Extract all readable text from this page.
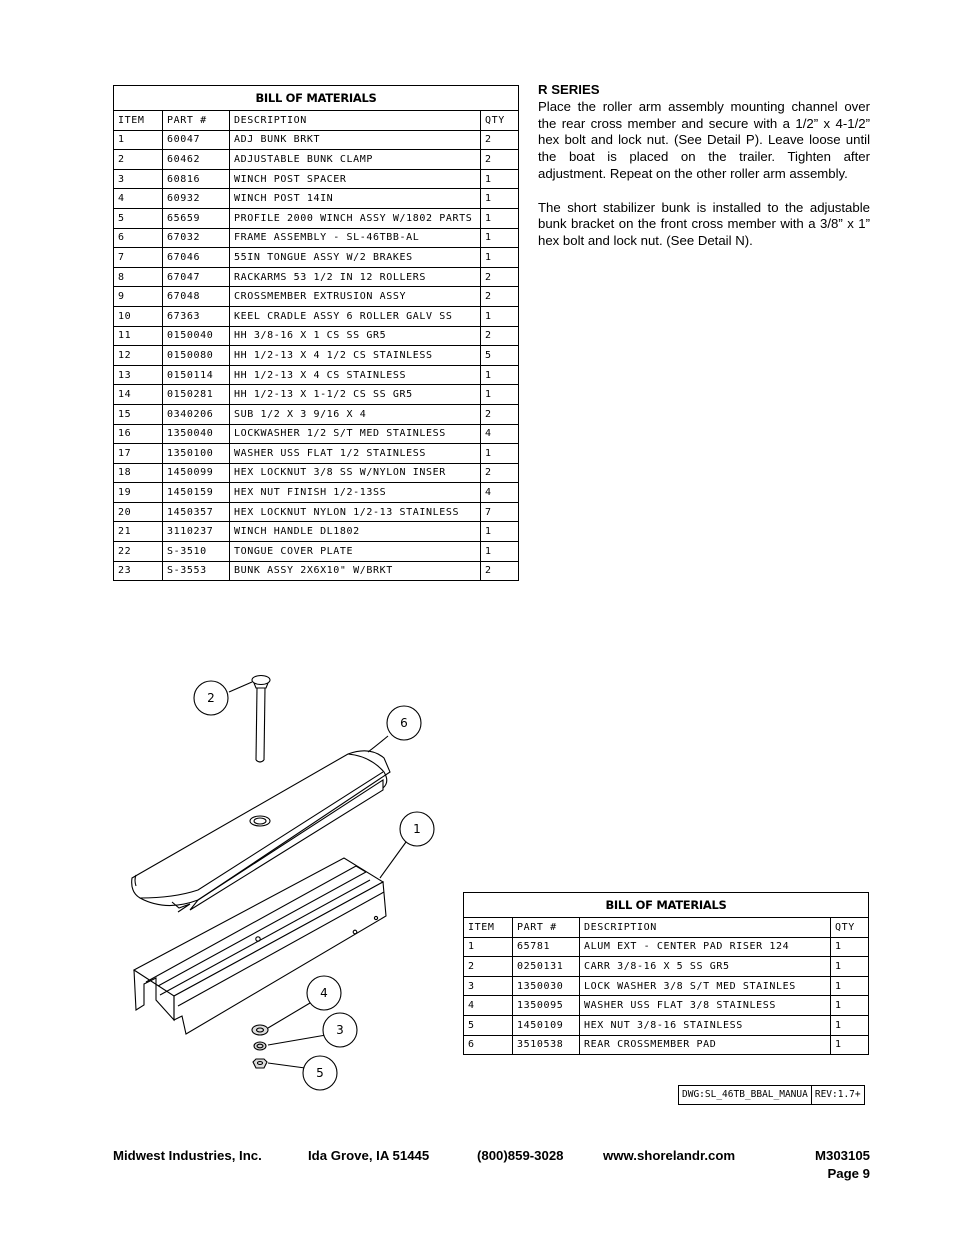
BILL OF MATERIALS			
ITEM	PART #	DESCRIPTION	QTY
1	60047	ADJ BUNK BRKT	2
2	60462	ADJUSTABLE BUNK CLAMP	2
3	60816	WINCH POST SPACER	1
4	60932	WINCH POST 14IN	1
5	65659	PROFILE 2000 WINCH ASSY W/1802 PARTS	1
6	67032	FRAME ASSEMBLY - SL-46TBB-AL	1
7	67046	55IN TONGUE ASSY W/2 BRAKES	1
8	67047	RACKARMS 53 1/2 IN 12 ROLLERS	2
9	67048	CROSSMEMBER EXTRUSION ASSY	2
10	67363	KEEL CRADLE ASSY 6 ROLLER GALV SS	1
11	0150040	HH 3/8-16 X 1 CS SS GR5	2
12	0150080	HH 1/2-13 X 4 1/2 CS STAINLESS	5
13	0150114	HH 1/2-13 X 4 CS STAINLESS	1
14	0150281	HH 1/2-13 X 1-1/2 CS SS GR5	1
15	0340206	SUB 1/2 X 3 9/16 X 4	2
16	1350040	LOCKWASHER 1/2 S/T MED STAINLESS	4
17	1350100	WASHER USS FLAT 1/2 STAINLESS	1
18	1450099	HEX LOCKNUT 3/8 SS W/NYLON INSER	2
19	1450159	HEX NUT FINISH 1/2-13SS	4
20	1450357	HEX LOCKNUT NYLON 1/2-13 STAINLESS	7
21	3110237	WINCH HANDLE DL1802	1
22	S-3510	TONGUE COVER PLATE	1
23	S-3553	BUNK ASSY 2X6X10" W/BRKT	2
R SERIES

Place the roller arm assembly mounting channel over the rear cross member and secure with a 1/2” x 4-1/2” hex bolt and lock nut. (See Detail P). Leave loose until the boat is placed on the trailer. Tighten after adjustment. Repeat on the other roller arm assembly.

The short stabilizer bunk is installed to the adjustable bunk bracket on the front cross member with a 3/8” x 1” hex bolt and lock nut. (See Detail N).

2
6
1
4
3
5
BILL OF MATERIALS			
ITEM	PART #	DESCRIPTION	QTY
1	65781	ALUM EXT - CENTER PAD RISER 124	1
2	0250131	CARR 3/8-16 X 5 SS GR5	1
3	1350030	LOCK WASHER 3/8 S/T MED STAINLES	1
4	1350095	WASHER USS FLAT 3/8 STAINLESS	1
5	1450109	HEX NUT 3/8-16 STAINLESS	1
6	3510538	REAR CROSSMEMBER PAD	1
DWG:SL_46TB_BBAL_MANUA REV:1.7+
Midwest Industries, Inc.	Ida Grove, IA 51445	(800)859-3028	www.shorelandr.com	M303105
Page 9
